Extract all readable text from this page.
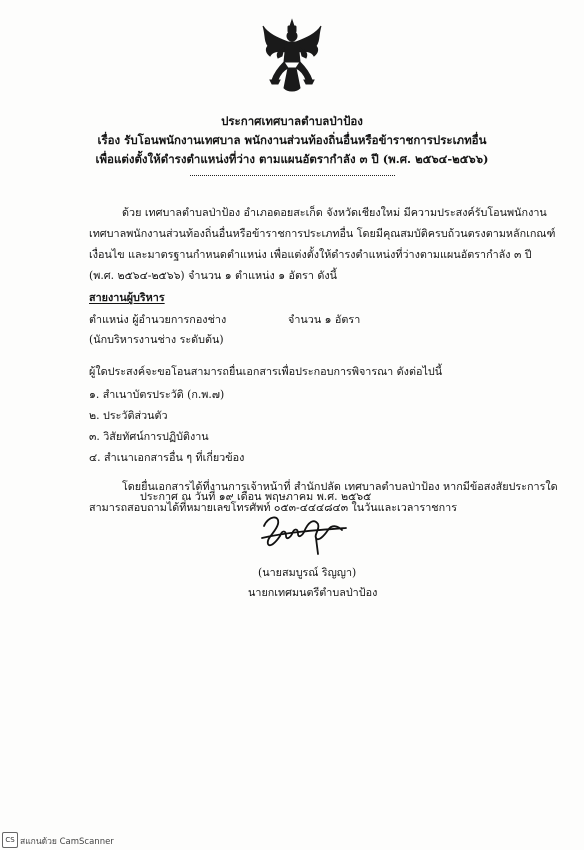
ประกาศเทศบาลตำบลป่าป้อง
เรื่อง รับโอนพนักงานเทศบาล พนักงานส่วนท้องถิ่นอื่นหรือข้าราชการประเภทอื่น
เพื่อแต่งตั้งให้ดำรงตำแหน่งที่ว่าง ตามแผนอัตรากำลัง ๓ ปี (พ.ศ. ๒๕๖๔-๒๕๖๖)
ด้วย เทศบาลตำบลป่าป้อง อำเภอดอยสะเก็ด จังหวัดเชียงใหม่ มีความประสงค์รับโอนพนักงาน
เทศบาลพนักงานส่วนท้องถิ่นอื่นหรือข้าราชการประเภทอื่น โดยมีคุณสมบัติครบถ้วนตรงตามหลักเกณฑ์
เงื่อนไข และมาตรฐานกำหนดตำแหน่ง เพื่อแต่งตั้งให้ดำรงตำแหน่งที่ว่างตามแผนอัตรากำลัง ๓ ปี
(พ.ศ. ๒๕๖๔-๒๕๖๖) จำนวน ๑ ตำแหน่ง ๑ อัตรา ดังนี้
สายงานผู้บริหาร
ตำแหน่ง ผู้อำนวยการกองช่าง	จำนวน ๑ อัตรา
(นักบริหารงานช่าง ระดับต้น)
ผู้ใดประสงค์จะขอโอนสามารถยื่นเอกสารเพื่อประกอบการพิจารณา ดังต่อไปนี้
๑. สำเนาบัตรประวัติ (ก.พ.๗)
๒. ประวัติส่วนตัว
๓. วิสัยทัศน์การปฏิบัติงาน
๔. สำเนาเอกสารอื่น ๆ ที่เกี่ยวข้อง
โดยยื่นเอกสารได้ที่งานการเจ้าหน้าที่ สำนักปลัด เทศบาลตำบลป่าป้อง หากมีข้อสงสัยประการใด
สามารถสอบถามได้ที่หมายเลขโทรศัพท์ ๐๕๓-๔๔๔๘๔๓ ในวันและเวลาราชการ
ประกาศ ณ วันที่ ๑๙ เดือน พฤษภาคม พ.ศ. ๒๕๖๕
(นายสมบูรณ์ ริญญา)
นายกเทศมนตรีตำบลป่าป้อง
CS สแกนด้วย CamScanner
